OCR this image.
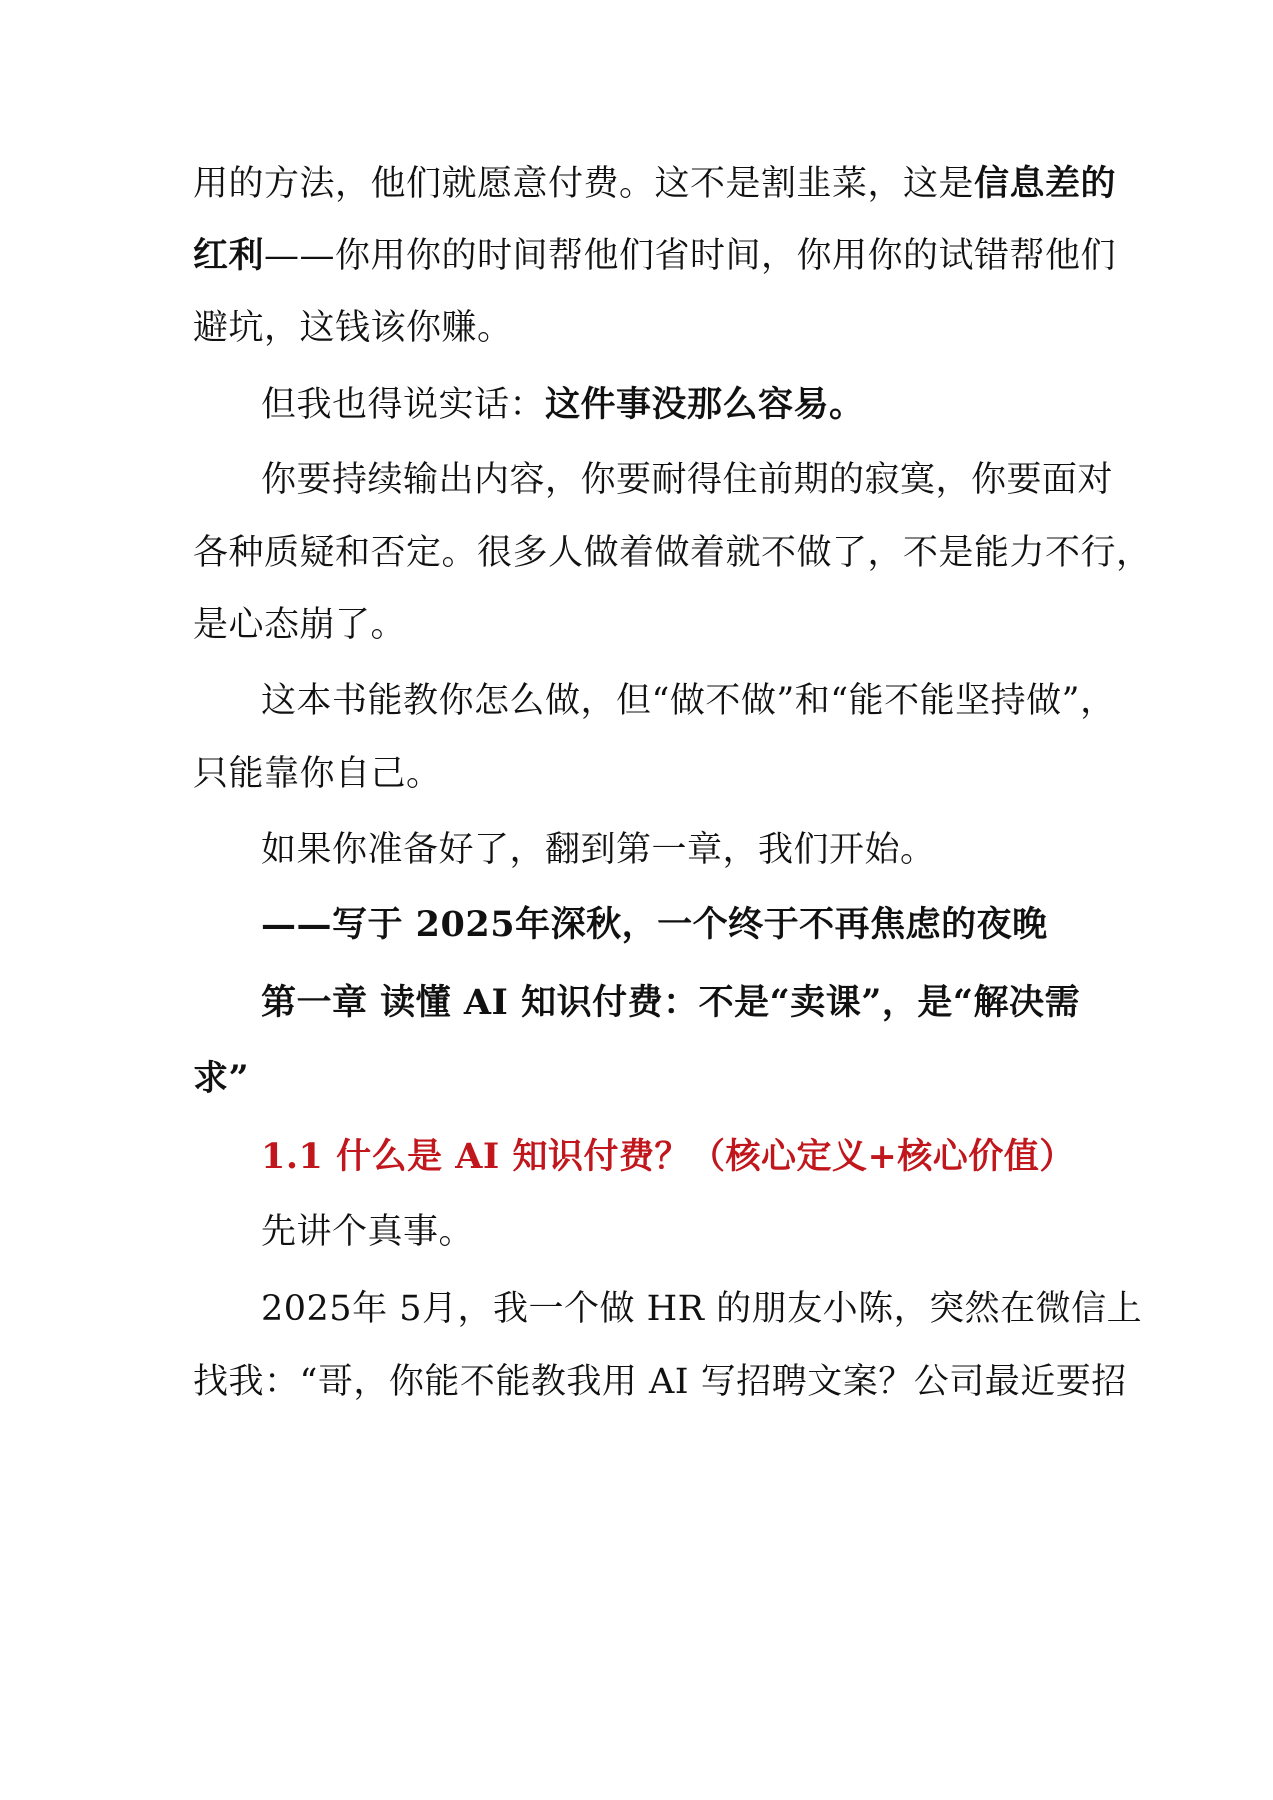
用的方法，他们就愿意付费。这不是割韭菜，这是信息差的
红利——你用你的时间帮他们省时间，你用你的试错帮他们
避坑，这钱该你赚。
但我也得说实话：这件事没那么容易。
你要持续输出内容，你要耐得住前期的寂寞，你要面对
各种质疑和否定。很多人做着做着就不做了，不是能力不行，
是心态崩了。
这本书能教你怎么做，但“做不做”和“能不能坚持做”，
只能靠你自己。
如果你准备好了，翻到第一章，我们开始。
——写于 2025年深秋，一个终于不再焦虑的夜晚
第一章 读懂 AI 知识付费：不是“卖课”，是“解决需
求”
1.1 什么是 AI 知识付费？（核心定义+核心价值）
先讲个真事。
2025年 5月，我一个做 HR 的朋友小陈，突然在微信上
找我：“哥，你能不能教我用 AI 写招聘文案？公司最近要招
